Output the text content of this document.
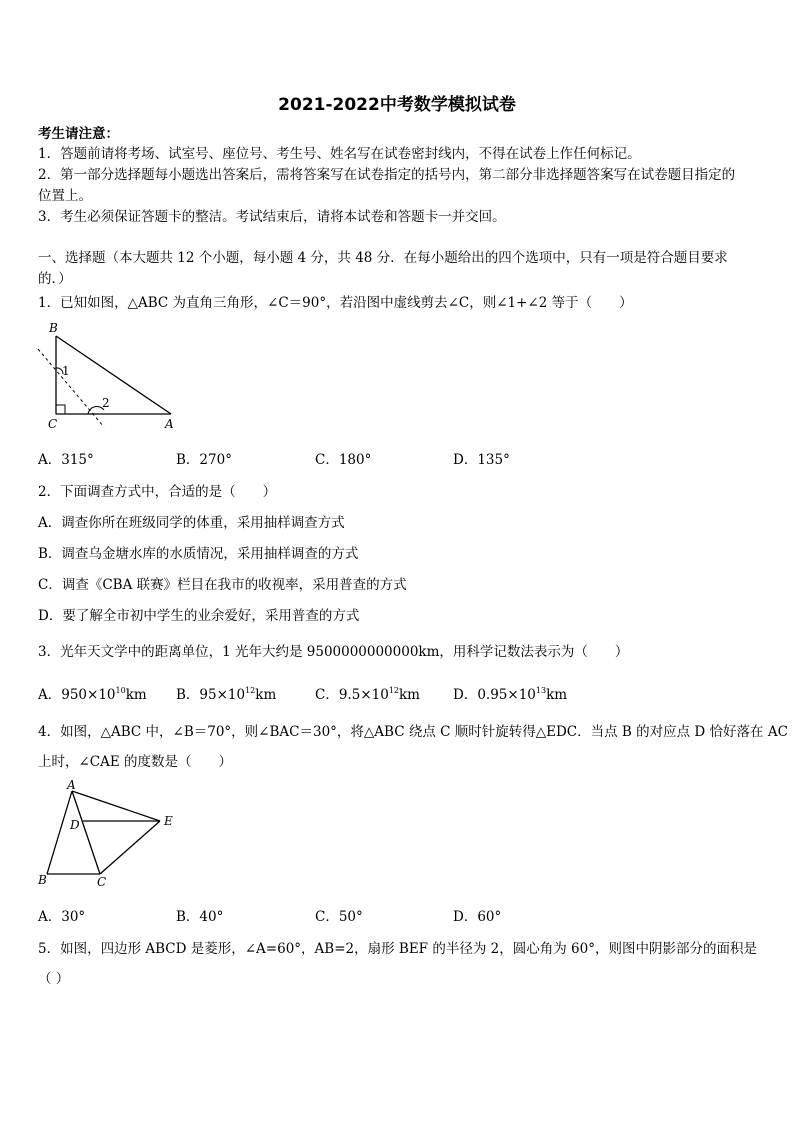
2021-2022中考数学模拟试卷
考生请注意：
1．答题前请将考场、试室号、座位号、考生号、姓名写在试卷密封线内，不得在试卷上作任何标记。
2．第一部分选择题每小题选出答案后，需将答案写在试卷指定的括号内，第二部分非选择题答案写在试卷题目指定的
位置上。
3．考生必须保证答题卡的整洁。考试结束后，请将本试卷和答题卡一并交回。
一、选择题（本大题共 12 个小题，每小题 4 分，共 48 分．在每小题给出的四个选项中，只有一项是符合题目要求
的．）
1．已知如图，△ABC 为直角三角形，∠C＝90°，若沿图中虚线剪去∠C，则∠1+∠2 等于（　　）
B
C	A
1
2
A．315°	B．270°	C．180°	D．135°
2．下面调查方式中，合适的是（　　）
A．调查你所在班级同学的体重，采用抽样调查方式
B．调查乌金塘水库的水质情况，采用抽样调查的方式
C．调查《CBA 联赛》栏目在我市的收视率，采用普查的方式
D．要了解全市初中学生的业余爱好，采用普查的方式
3．光年天文学中的距离单位，1 光年大约是 9500000000000km，用科学记数法表示为（　　）
A．$950\times 10^{10}km$ B．$95\times 10^{12}km$	C．$9.5\times 10^{12}km$ D．$0.95\times 10^{13}km$
4．如图，△ABC 中，∠B＝70°，则∠BAC＝30°，将△ABC 绕点 C 顺时针旋转得△EDC．当点 B 的对应点 D 恰好落在 AC
上时，∠CAE 的度数是（　　）
A
D	E
B	C
A．30°	B．40°	C．50°	D．60°
5．如图，四边形 ABCD 是菱形，∠A=60°，AB=2，扇形 BEF 的半径为 2，圆心角为 60°，则图中阴影部分的面积是
（ ）
